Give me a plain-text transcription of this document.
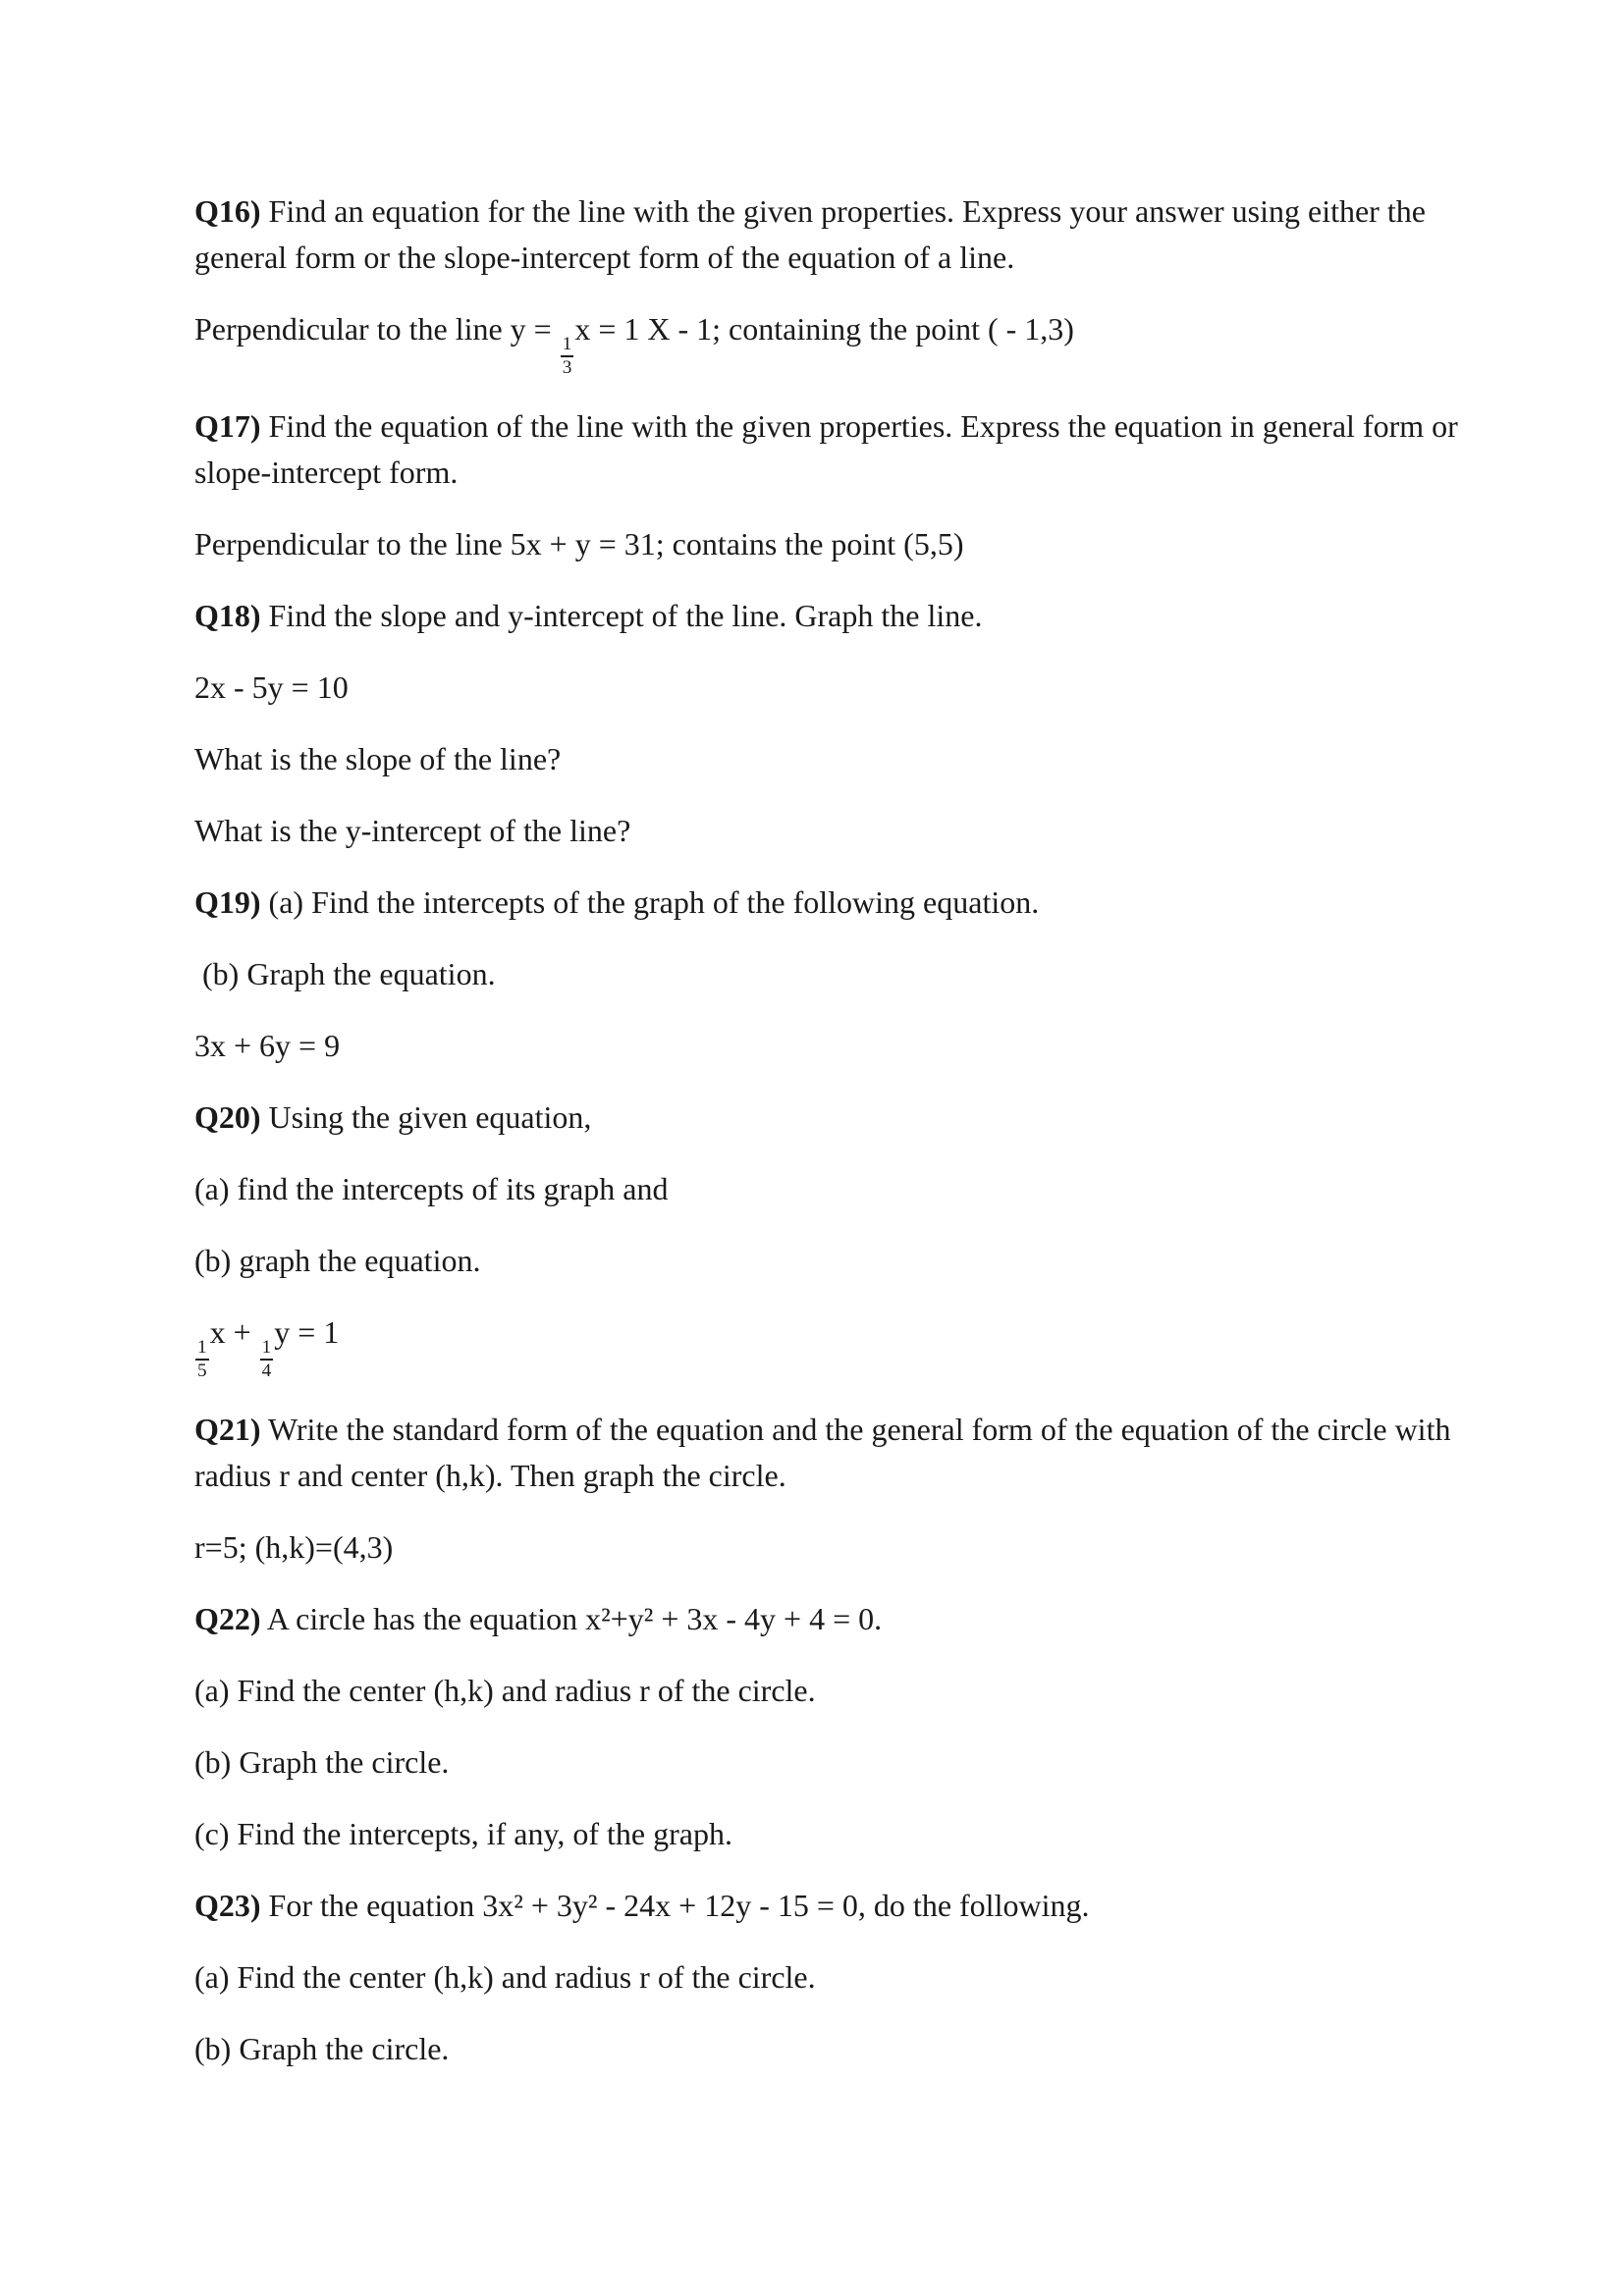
Q16) Find an equation for the line with the given properties. Express your answer using either the general form or the slope-intercept form of the equation of a line.

Perpendicular to the line y =
$\frac{1}{3}$
x = 1 X - 1; containing the point ( - 1,3)

Q17) Find the equation of the line with the given properties. Express the equation in general form or slope-intercept form.

Perpendicular to the line 5x + y = 31; contains the point (5,5)

Q18) Find the slope and y-intercept of the line. Graph the line.

2x - 5y = 10

What is the slope of the line?

What is the y-intercept of the line?

Q19) (a) Find the intercepts of the graph of the following equation.

(b) Graph the equation.

3x + 6y = 9

Q20) Using the given equation,

(a) find the intercepts of its graph and

(b) graph the equation.

$\frac{1}{5}$
x +
$\frac{1}{4}$
y = 1

Q21) Write the standard form of the equation and the general form of the equation of the circle with radius r and center (h,k). Then graph the circle.

r=5; (h,k)=(4,3)

Q22) A circle has the equation x²+y² + 3x - 4y + 4 = 0.

(a) Find the center (h,k) and radius r of the circle.

(b) Graph the circle.

(c) Find the intercepts, if any, of the graph.

Q23) For the equation 3x² + 3y² - 24x + 12y - 15 = 0, do the following.

(a) Find the center (h,k) and radius r of the circle.

(b) Graph the circle.
